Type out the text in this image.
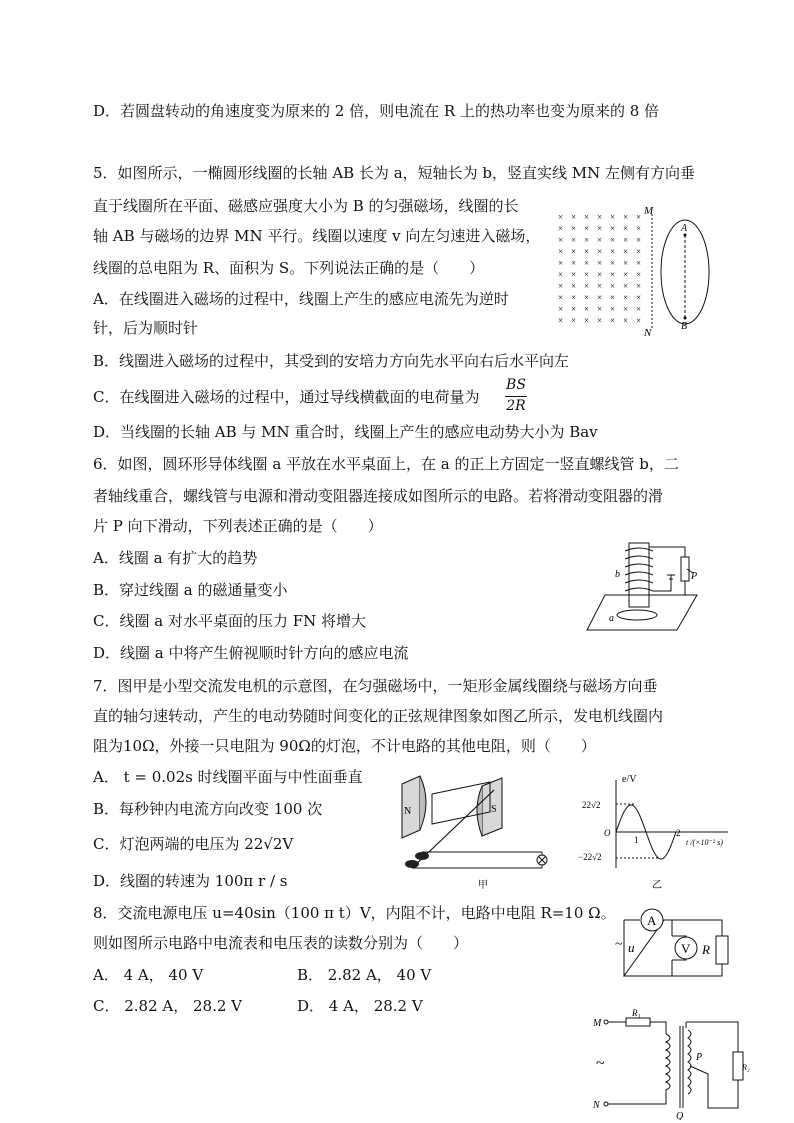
D．若圆盘转动的角速度变为原来的 2 倍，则电流在 R 上的热功率也变为原来的 8 倍
5．如图所示，一椭圆形线圈的长轴 AB 长为 a，短轴长为 b，竖直实线 MN 左侧有方向垂
直于线圈所在平面、磁感应强度大小为 B 的匀强磁场，线圈的长
轴 AB 与磁场的边界 MN 平行。线圈以速度 v 向左匀速进入磁场，
线圈的总电阻为 R、面积为 S。下列说法正确的是（　　）
A．在线圈进入磁场的过程中，线圈上产生的感应电流先为逆时
针，后为顺时针
B．线圈进入磁场的过程中，其受到的安培力方向先水平向右后水平向左
C．在线圈进入磁场的过程中，通过导线横截面的电荷量为
BS
2R
D．当线圈的长轴 AB 与 MN 重合时，线圈上产生的感应电动势大小为 Bav
6．如图，圆环形导体线圈 a 平放在水平桌面上，在 a 的正上方固定一竖直螺线管 b，二
者轴线重合，螺线管与电源和滑动变阻器连接成如图所示的电路。若将滑动变阻器的滑
片 P 向下滑动，下列表述正确的是（　　）
A．线圈 a 有扩大的趋势
B．穿过线圈 a 的磁通量变小
C．线圈 a 对水平桌面的压力 FN 将增大
D．线圈 a 中将产生俯视顺时针方向的感应电流
7．图甲是小型交流发电机的示意图，在匀强磁场中，一矩形金属线圈绕与磁场方向垂
直的轴匀速转动，产生的电动势随时间变化的正弦规律图象如图乙所示，发电机线圈内
阻为10Ω，外接一只电阻为 90Ω的灯泡，不计电路的其他电阻，则（　　）
A． t = 0.02s 时线圈平面与中性面垂直
B．每秒钟内电流方向改变 100 次
C．灯泡两端的电压为 22√2V
D．线圈的转速为 100π r / s
8．交流电源电压 u=40sin（100 π t）V，内阻不计，电路中电阻 R=10 Ω。
则如图所示电路中电流表和电压表的读数分别为（　　）
A． 4 A， 40 V	B． 2.82 A， 40 V
C． 2.82 A， 28.2 V	D． 4 A， 28.2 V
× × × × × × ×
× × × × × × ×
× × × × × × ×
× × × × × × ×
× × × × × × ×
× × × × × × ×
× × × × × × ×
× × × × × × ×
× × × × × × ×
× × × × × × ×
M
N
A
B
a
b	P
N	S
甲
e/V
22√2
−22√2
O
1
2
t /(×10⁻² s)
乙
A
V R
~ u
M
N
R₁
R₂
P
Q
~
